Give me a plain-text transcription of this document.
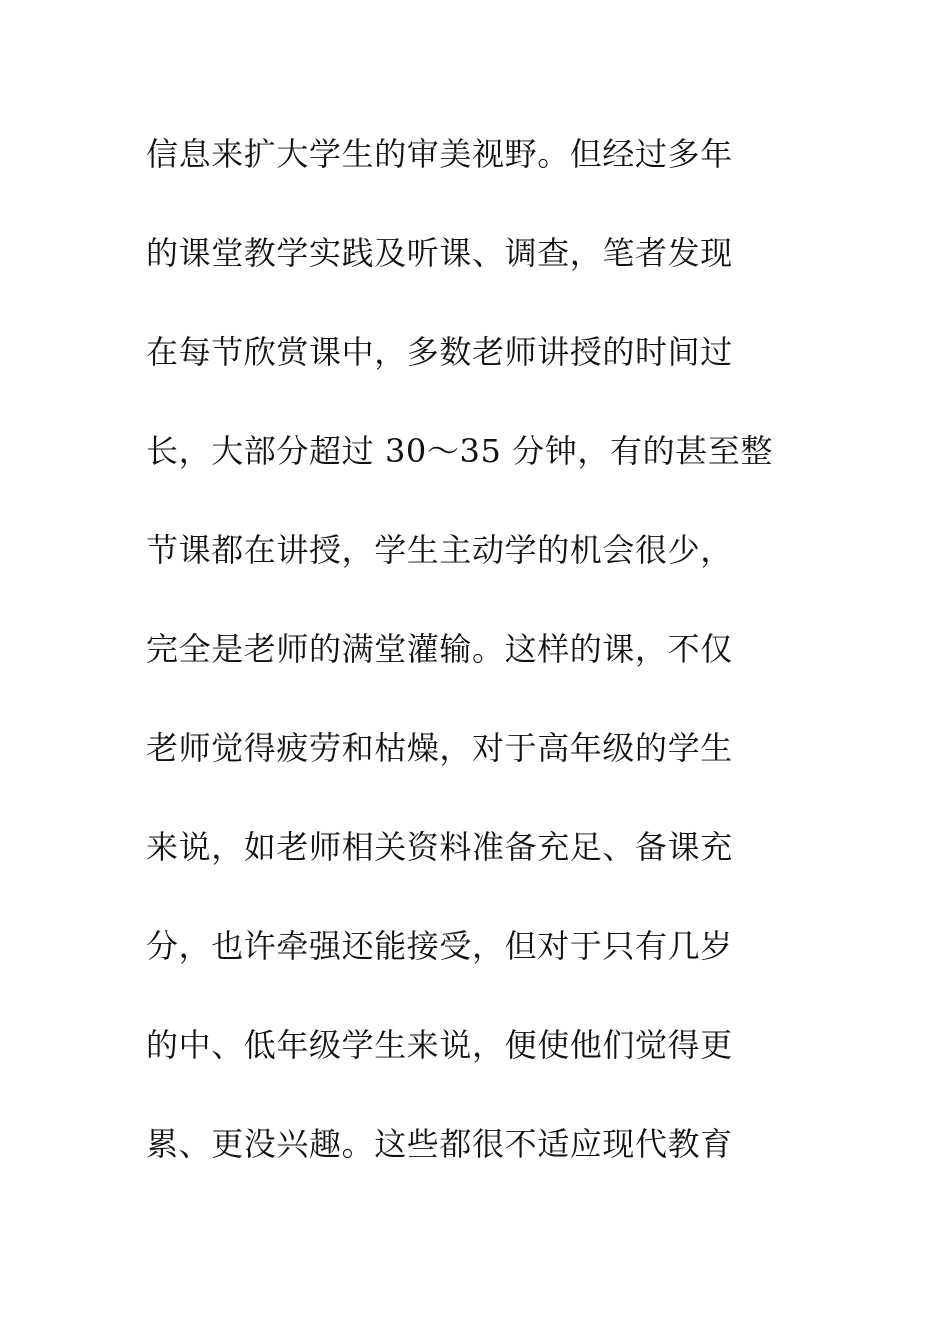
信息来扩大学生的审美视野。但经过多年
的课堂教学实践及听课、调查，笔者发现
在每节欣赏课中，多数老师讲授的时间过
长，大部分超过 30～35 分钟，有的甚至整
节课都在讲授，学生主动学的机会很少，
完全是老师的满堂灌输。这样的课，不仅
老师觉得疲劳和枯燥，对于高年级的学生
来说，如老师相关资料准备充足、备课充
分，也许牵强还能接受，但对于只有几岁
的中、低年级学生来说，便使他们觉得更
累、更没兴趣。这些都很不适应现代教育
